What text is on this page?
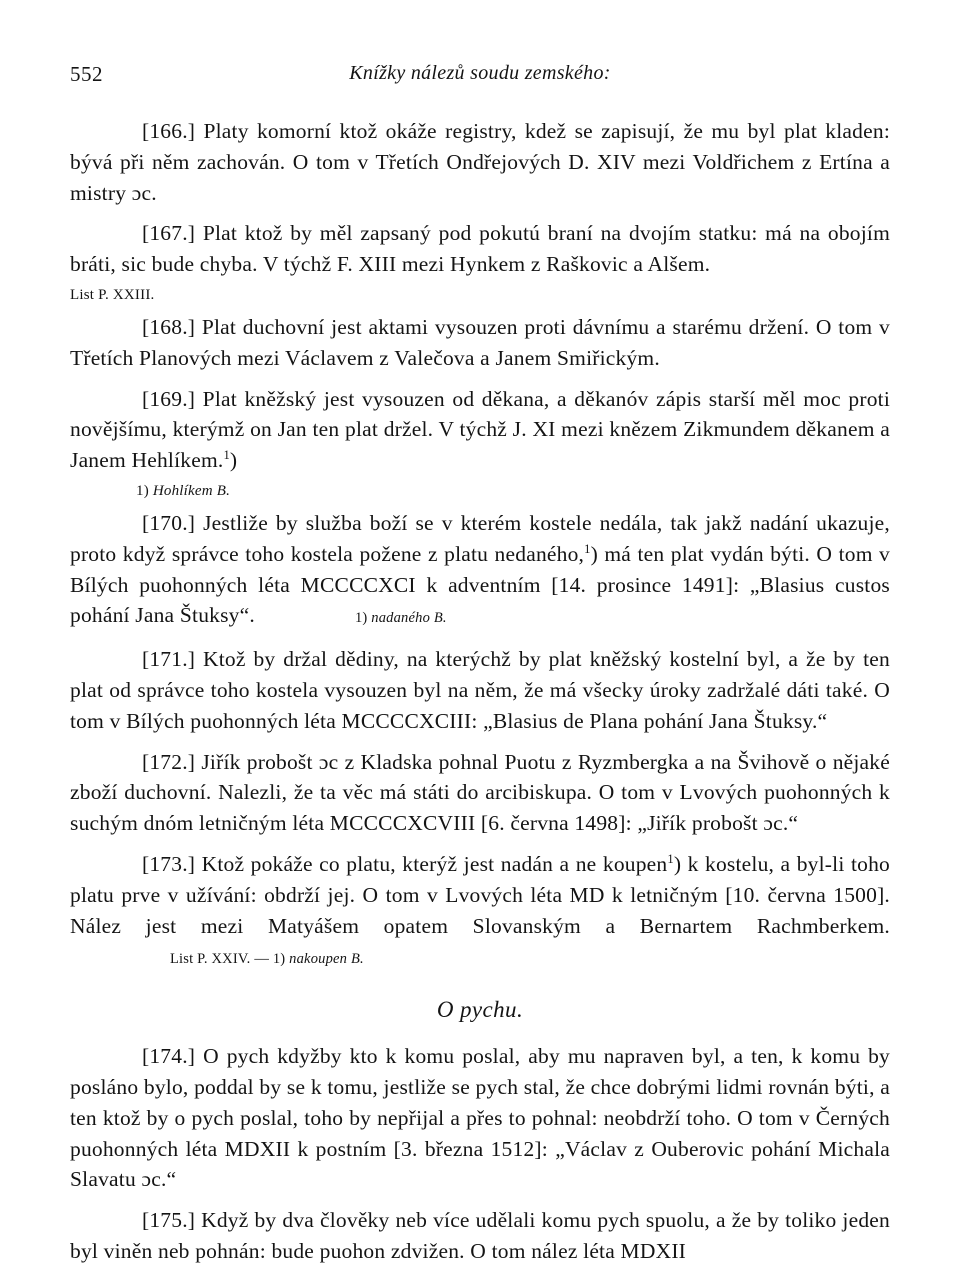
552	Knížky nálezů soudu zemského:

[166.] Platy komorní ktož okáže registry, kdež se zapisují, že mu byl plat kladen: bývá při něm zachován. O tom v Třetích Ondřejových D. XIV mezi Voldřichem z Ertína a mistry ɔc.

[167.] Plat ktož by měl zapsaný pod pokutú braní na dvojím statku: má na obojím bráti, sic bude chyba. V týchž F. XIII mezi Hynkem z Raškovic a Alšem.

List P. XXIII.

[168.] Plat duchovní jest aktami vysouzen proti dávnímu a starému držení. O tom v Třetích Planových mezi Václavem z Valečova a Janem Smiřickým.

[169.] Plat kněžský jest vysouzen od děkana, a děkanóv zápis starší měl moc proti novějšímu, kterýmž on Jan ten plat držel. V týchž J. XI mezi knězem Zikmundem děkanem a Janem Hehlíkem.$^1$)

1) Hohlíkem B.

[170.] Jestliže by služba boží se v kterém kostele nedála, tak jakž nadání ukazuje, proto když správce toho kostela požene z platu nedaného,$^1$) má ten plat vydán býti. O tom v Bílých puohonných léta MCCCCXCI k adventním [14. prosince 1491]: „Blasius custos pohání Jana Štuksy“.	1) nadaného B.

[171.] Ktož by držal dědiny, na kterýchž by plat kněžský kostelní byl, a že by ten plat od správce toho kostela vysouzen byl na něm, že má všecky úroky zadržalé dáti také. O tom v Bílých puohonných léta MCCCCXCIII: „Blasius de Plana pohání Jana Štuksy.“

[172.] Jiřík probošt ɔc z Kladska pohnal Puotu z Ryzmbergka a na Švihově o nějaké zboží duchovní. Nalezli, že ta věc má státi do arcibiskupa. O tom v Lvových puohonných k suchým dnóm letničným léta MCCCCXCVIII [6. června 1498]: „Jiřík probošt ɔc.“

[173.] Ktož pokáže co platu, kterýž jest nadán a ne koupen$^1$) k kostelu, a byl-li toho platu prve v užívání: obdrží jej. O tom v Lvových léta MD k letničným [10. června 1500]. Nález jest mezi Matyášem opatem Slovanským a Bernartem Rachmberkem.List P. XXIV. — 1) nakoupen B.

O pychu.

[174.] O pych kdyžby kto k komu poslal, aby mu napraven byl, a ten, k komu by posláno bylo, poddal by se k tomu, jestliže se pych stal, že chce dobrými lidmi rovnán býti, a ten ktož by o pych poslal, toho by nepřijal a přes to pohnal: neobdrží toho. O tom v Černých puohonných léta MDXII k postním [3. března 1512]: „Václav z Ouberovic pohání Michala Slavatu ɔc.“

[175.] Když by dva člověky neb více udělali komu pych spuolu, a že by toliko jeden byl viněn neb pohnán: bude puohon zdvižen. O tom nález léta MDXII
